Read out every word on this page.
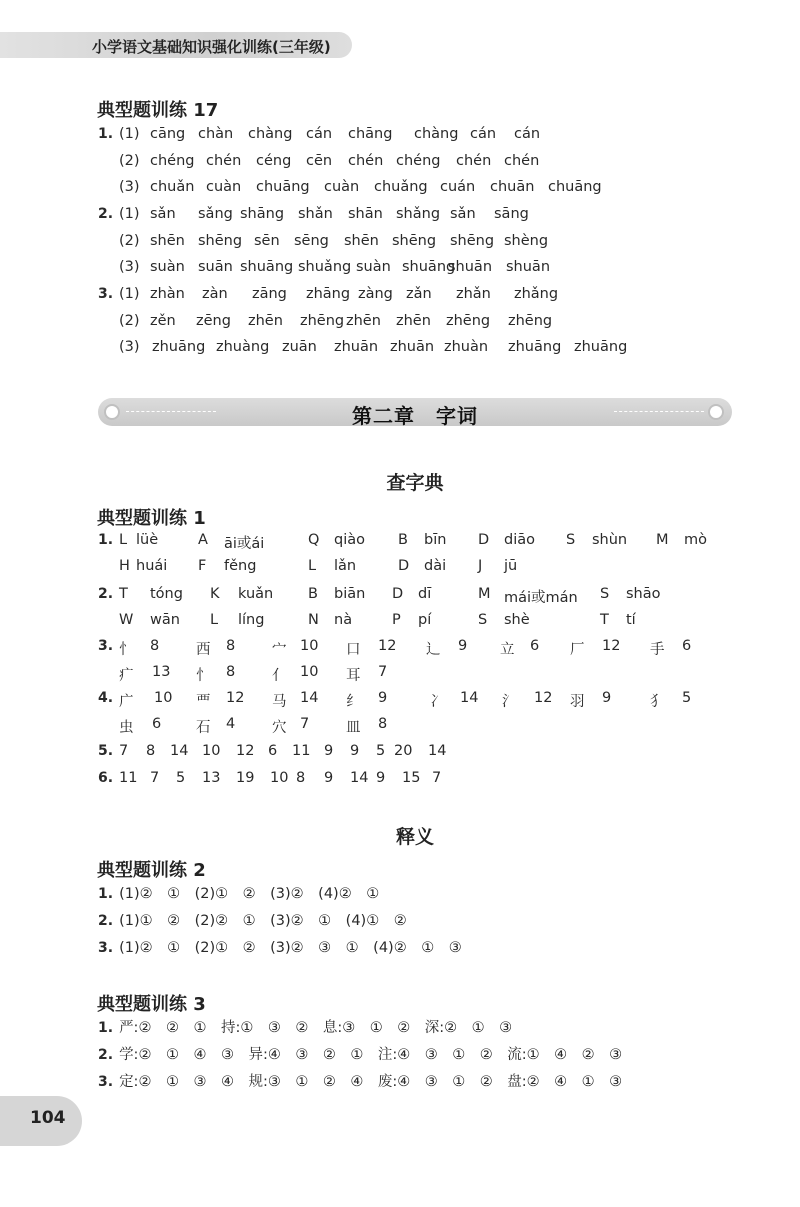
小学语文基础知识强化训练(三年级)
典型题训练 17
1. (1) cāng chàn chàng cán chāng chàng cán cán
(2) chéng chén céng cēn chén chéng chén chén
(3) chuǎn cuàn chuāng cuàn chuǎng cuán chuān chuāng
2. (1) sǎn sǎng shāng shǎn shān shǎng sǎn sāng
(2) shēn shēng sēn sēng shēn shēng shēng shèng
(3) suàn suān shuāng shuǎng suàn shuāng
shuān shuān
3. (1) zhàn zàn zāng zhāng zàng zǎn zhǎn zhǎng
(2) zěn zēng zhēn zhēng zhēn zhēn zhēng zhēng
(3) zhuāng zhuàng zuān zhuān zhuān zhuàn zhuāng zhuāng
第二章　字词
查字典
典型题训练 1
1. L lüè	A āi或ái	Q qiào B bīn D diāo S shùn M mò
H huái F fěng	L lǎn	D dài J jū
2. T tóng K kuǎn B biān D dī	M mái或mán S shāo
W wān L líng	N nà	P pí	S shè	T tí
3. 忄 8	西 8	宀 10 口 12 辶 9 立 6 厂 12 手 6
疒 13 忄 8	亻 10 耳 7
4. 广 10 覀 12 马 14 纟 9	冫 14 氵 12 羽 9	犭 5
虫 6 石 4	穴 7	皿 8
5. 7 8 14 10 12 6 11 9 9 5 20 14
6. 11 7 5 13 19 10 8 9 14 9 15 7
释义
典型题训练 2
1. (1)②　①　(2)①　②　(3)②　(4)②　①
2. (1)①　②　(2)②　①　(3)②　①　(4)①　②
3. (1)②　①　(2)①　②　(3)②　③　①　(4)②　①　③
典型题训练 3
1. 严:②　②　①　持:①　③　②　息:③　①　②　深:②　①　③
2. 学:②　①　④　③　异:④　③　②　①　注:④　③　①　②　流:①　④　②　③
3. 定:②　①　③　④　规:③　①　②　④　废:④　③　①　②　盘:②　④　①　③
104
